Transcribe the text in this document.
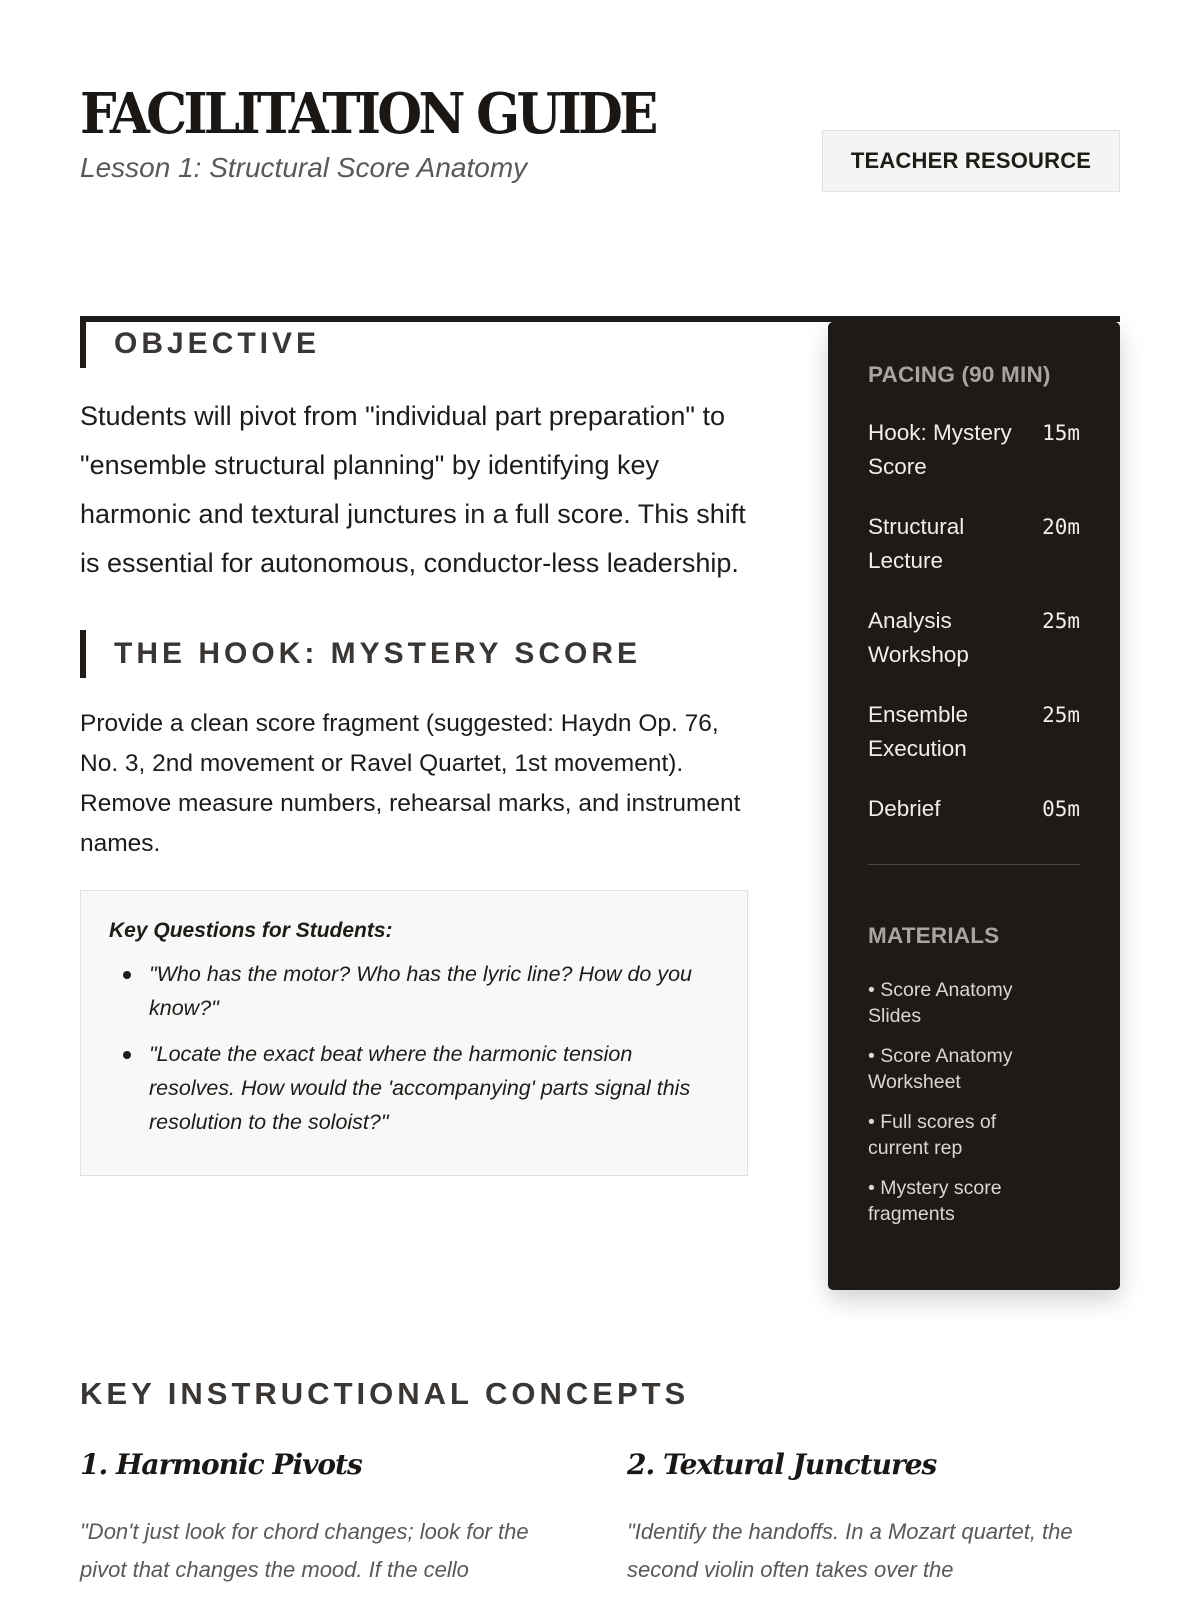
FACILITATION GUIDE
Lesson 1: Structural Score Anatomy	TEACHER RESOURCE
OBJECTIVE

Students will pivot from "individual part preparation" to "ensemble structural planning" by identifying key harmonic and textural junctures in a full score. This shift is essential for autonomous, conductor-less leadership.

THE HOOK: MYSTERY SCORE

Provide a clean score fragment (suggested: Haydn Op. 76, No. 3, 2nd movement or Ravel Quartet, 1st movement). Remove measure numbers, rehearsal marks, and instrument names.

Key Questions for Students:
"Who has the motor? Who has the lyric line? How do you know?"
"Locate the exact beat where the harmonic tension resolves. How would the 'accompanying' parts signal this resolution to the soloist?"
PACING (90 MIN)
Hook: Mystery Score
15m
Structural Lecture
20m
Analysis Workshop
25m
Ensemble Execution
25m
Debrief	05m
MATERIALS
• Score Anatomy Slides
• Score Anatomy Worksheet
• Full scores of current rep
• Mystery score fragments
KEY INSTRUCTIONAL CONCEPTS
1. Harmonic Pivots

"Don't just look for chord changes; look for the pivot that changes the mood. If the cello

2. Textural Junctures

"Identify the handoffs. In a Mozart quartet, the second violin often takes over the
